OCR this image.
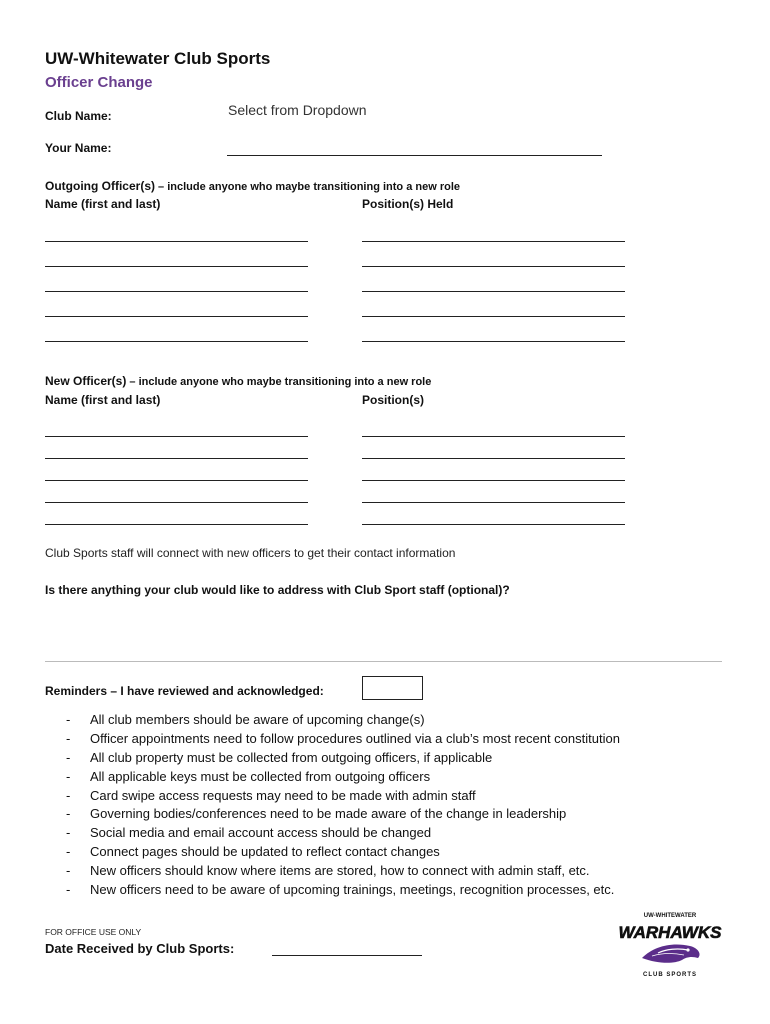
UW-Whitewater Club Sports
Officer Change
Club Name:	Select from Dropdown
Your Name:
Outgoing Officer(s) – include anyone who maybe transitioning into a new role
Name (first and last)	Position(s) Held
New Officer(s) – include anyone who maybe transitioning into a new role
Name (first and last)	Position(s)
Club Sports staff will connect with new officers to get their contact information
Is there anything your club would like to address with Club Sport staff (optional)?
Reminders – I have reviewed and acknowledged:
- All club members should be aware of upcoming change(s)
- Officer appointments need to follow procedures outlined via a club’s most recent constitution
- All club property must be collected from outgoing officers, if applicable
- All applicable keys must be collected from outgoing officers
- Card swipe access requests may need to be made with admin staff
- Governing bodies/conferences need to be made aware of the change in leadership
- Social media and email account access should be changed
- Connect pages should be updated to reflect contact changes
- New officers should know where items are stored, how to connect with admin staff, etc.
- New officers need to be aware of upcoming trainings, meetings, recognition processes, etc.
FOR OFFICE USE ONLY
Date Received by Club Sports:
UW-WHITEWATER
WARHAWKS
CLUB SPORTS
